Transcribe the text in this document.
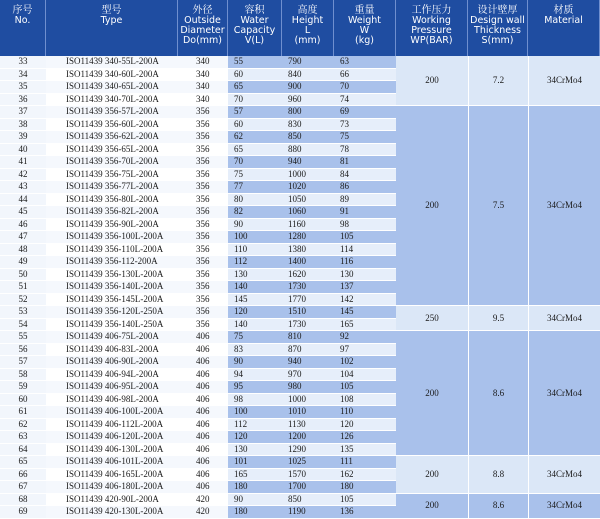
序号
No.	型号
Type	外径
Outside
Diameter
Do(mm)	容积
Water
Capacity
V(L)	高度
Height
L
(mm)	重量
Weight
W
(kg)	工作压力
Working
Pressure
WP(BAR)	设计壁厚
Design wall
Thickness
S(mm)	材质
Material

33	ISO11439 340-55L-200A	340	55	790	63	200	7.2	34CrMo4
34	ISO11439 340-60L-200A	340	60	840	66			
35	ISO11439 340-65L-200A	340	65	900	70			
36	ISO11439 340-70L-200A	340	70	960	74			
37	ISO11439 356-57L-200A	356	57	800	69	200	7.5	34CrMo4
38	ISO11439 356-60L-200A	356	60	830	73			
39	ISO11439 356-62L-200A	356	62	850	75			
40	ISO11439 356-65L-200A	356	65	880	78			
41	ISO11439 356-70L-200A	356	70	940	81			
42	ISO11439 356-75L-200A	356	75	1000	84			
43	ISO11439 356-77L-200A	356	77	1020	86			
44	ISO11439 356-80L-200A	356	80	1050	89			
45	ISO11439 356-82L-200A	356	82	1060	91			
46	ISO11439 356-90L-200A	356	90	1160	98			
47	ISO11439 356-100L-200A	356	100	1280	105			
48	ISO11439 356-110L-200A	356	110	1380	114			
49	ISO11439 356-112-200A	356	112	1400	116			
50	ISO11439 356-130L-200A	356	130	1620	130			
51	ISO11439 356-140L-200A	356	140	1730	137			
52	ISO11439 356-145L-200A	356	145	1770	142			
53	ISO11439 356-120L-250A	356	120	1510	145	250	9.5	34CrMo4
54	ISO11439 356-140L-250A	356	140	1730	165			
55	ISO11439 406-75L-200A	406	75	810	92	200	8.6	34CrMo4
56	ISO11439 406-83L-200A	406	83	870	97			
57	ISO11439 406-90L-200A	406	90	940	102			
58	ISO11439 406-94L-200A	406	94	970	104			
59	ISO11439 406-95L-200A	406	95	980	105			
60	ISO11439 406-98L-200A	406	98	1000	108			
61	ISO11439 406-100L-200A	406	100	1010	110			
62	ISO11439 406-112L-200A	406	112	1130	120			
63	ISO11439 406-120L-200A	406	120	1200	126			
64	ISO11439 406-130L-200A	406	130	1290	135			
65	ISO11439 406-101L-200A	406	101	1025	111	200	8.8	34CrMo4
66	ISO11439 406-165L-200A	406	165	1570	162			
67	ISO11439 406-180L-200A	406	180	1700	180			
68	ISO11439 420-90L-200A	420	90	850	105	200	8.6	34CrMo4
69	ISO11439 420-130L-200A	420	180	1190	136			
